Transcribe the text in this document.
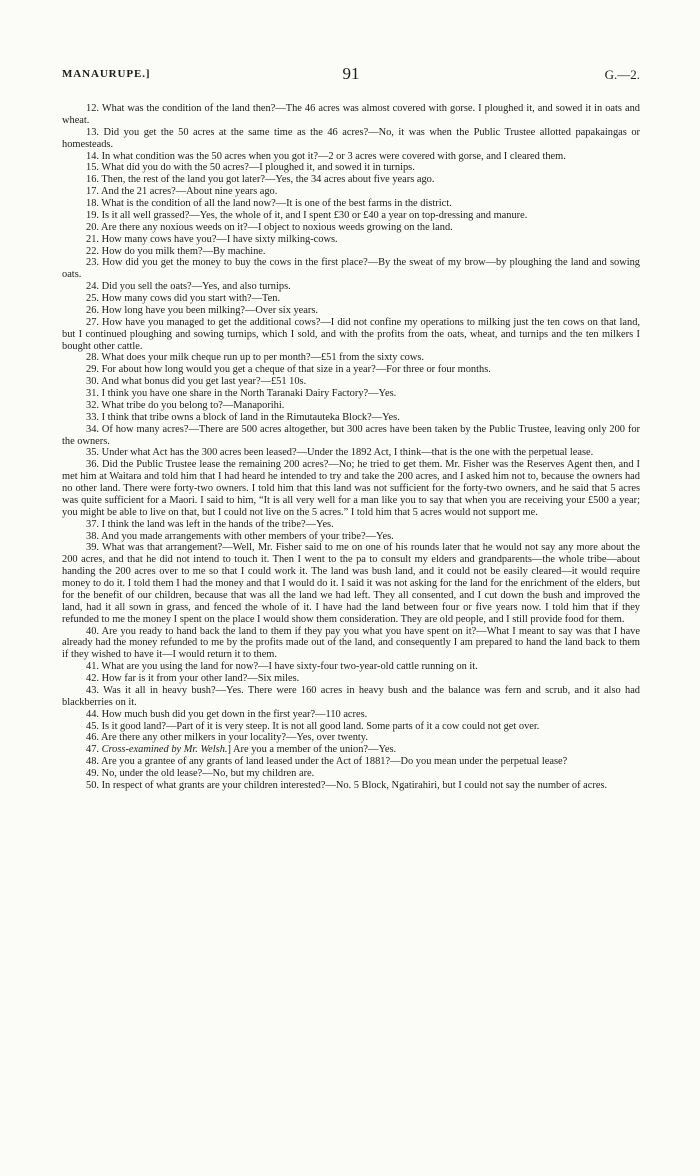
MANAURUPE.]	91	G.—2.

12. What was the condition of the land then?—The 46 acres was almost covered with gorse. I ploughed it, and sowed it in oats and wheat.

13. Did you get the 50 acres at the same time as the 46 acres?—No, it was when the Public Trustee allotted papakaingas or homesteads.

14. In what condition was the 50 acres when you got it?—2 or 3 acres were covered with gorse, and I cleared them.

15. What did you do with the 50 acres?—I ploughed it, and sowed it in turnips.

16. Then, the rest of the land you got later?—Yes, the 34 acres about five years ago.

17. And the 21 acres?—About nine years ago.

18. What is the condition of all the land now?—It is one of the best farms in the district.

19. Is it all well grassed?—Yes, the whole of it, and I spent £30 or £40 a year on top-dressing and manure.

20. Are there any noxious weeds on it?—I object to noxious weeds growing on the land.

21. How many cows have you?—I have sixty milking-cows.

22. How do you milk them?—By machine.

23. How did you get the money to buy the cows in the first place?—By the sweat of my brow—by ploughing the land and sowing oats.

24. Did you sell the oats?—Yes, and also turnips.

25. How many cows did you start with?—Ten.

26. How long have you been milking?—Over six years.

27. How have you managed to get the additional cows?—I did not confine my operations to milking just the ten cows on that land, but I continued ploughing and sowing turnips, which I sold, and with the profits from the oats, wheat, and turnips and the ten milkers I bought other cattle.

28. What does your milk cheque run up to per month?—£51 from the sixty cows.

29. For about how long would you get a cheque of that size in a year?—For three or four months.

30. And what bonus did you get last year?—£51 10s.

31. I think you have one share in the North Taranaki Dairy Factory?—Yes.

32. What tribe do you belong to?—Manaporihi.

33. I think that tribe owns a block of land in the Rimutauteka Block?—Yes.

34. Of how many acres?—There are 500 acres altogether, but 300 acres have been taken by the Public Trustee, leaving only 200 for the owners.

35. Under what Act has the 300 acres been leased?—Under the 1892 Act, I think—that is the one with the perpetual lease.

36. Did the Public Trustee lease the remaining 200 acres?—No; he tried to get them. Mr. Fisher was the Reserves Agent then, and I met him at Waitara and told him that I had heard he intended to try and take the 200 acres, and I asked him not to, because the owners had no other land. There were forty-two owners. I told him that this land was not sufficient for the forty-two owners, and he said that 5 acres was quite sufficient for a Maori. I said to him, “It is all very well for a man like you to say that when you are receiving your £500 a year; you might be able to live on that, but I could not live on the 5 acres.” I told him that 5 acres would not support me.

37. I think the land was left in the hands of the tribe?—Yes.

38. And you made arrangements with other members of your tribe?—Yes.

39. What was that arrangement?—Well, Mr. Fisher said to me on one of his rounds later that he would not say any more about the 200 acres, and that he did not intend to touch it. Then I went to the pa to consult my elders and grandparents—the whole tribe—about handing the 200 acres over to me so that I could work it. The land was bush land, and it could not be easily cleared—it would require money to do it. I told them I had the money and that I would do it. I said it was not asking for the land for the enrichment of the elders, but for the benefit of our children, because that was all the land we had left. They all consented, and I cut down the bush and improved the land, had it all sown in grass, and fenced the whole of it. I have had the land between four or five years now. I told him that if they refunded to me the money I spent on the place I would show them consideration. They are old people, and I still provide food for them.

40. Are you ready to hand back the land to them if they pay you what you have spent on it?—What I meant to say was that I have already had the money refunded to me by the profits made out of the land, and consequently I am prepared to hand the land back to them if they wished to have it—I would return it to them.

41. What are you using the land for now?—I have sixty-four two-year-old cattle running on it.

42. How far is it from your other land?—Six miles.

43. Was it all in heavy bush?—Yes. There were 160 acres in heavy bush and the balance was fern and scrub, and it also had blackberries on it.

44. How much bush did you get down in the first year?—110 acres.

45. Is it good land?—Part of it is very steep. It is not all good land. Some parts of it a cow could not get over.

46. Are there any other milkers in your locality?—Yes, over twenty.

47. Cross-examined by Mr. Welsh.] Are you a member of the union?—Yes.

48. Are you a grantee of any grants of land leased under the Act of 1881?—Do you mean under the perpetual lease?

49. No, under the old lease?—No, but my children are.

50. In respect of what grants are your children interested?—No. 5 Block, Ngatirahiri, but I could not say the number of acres.
